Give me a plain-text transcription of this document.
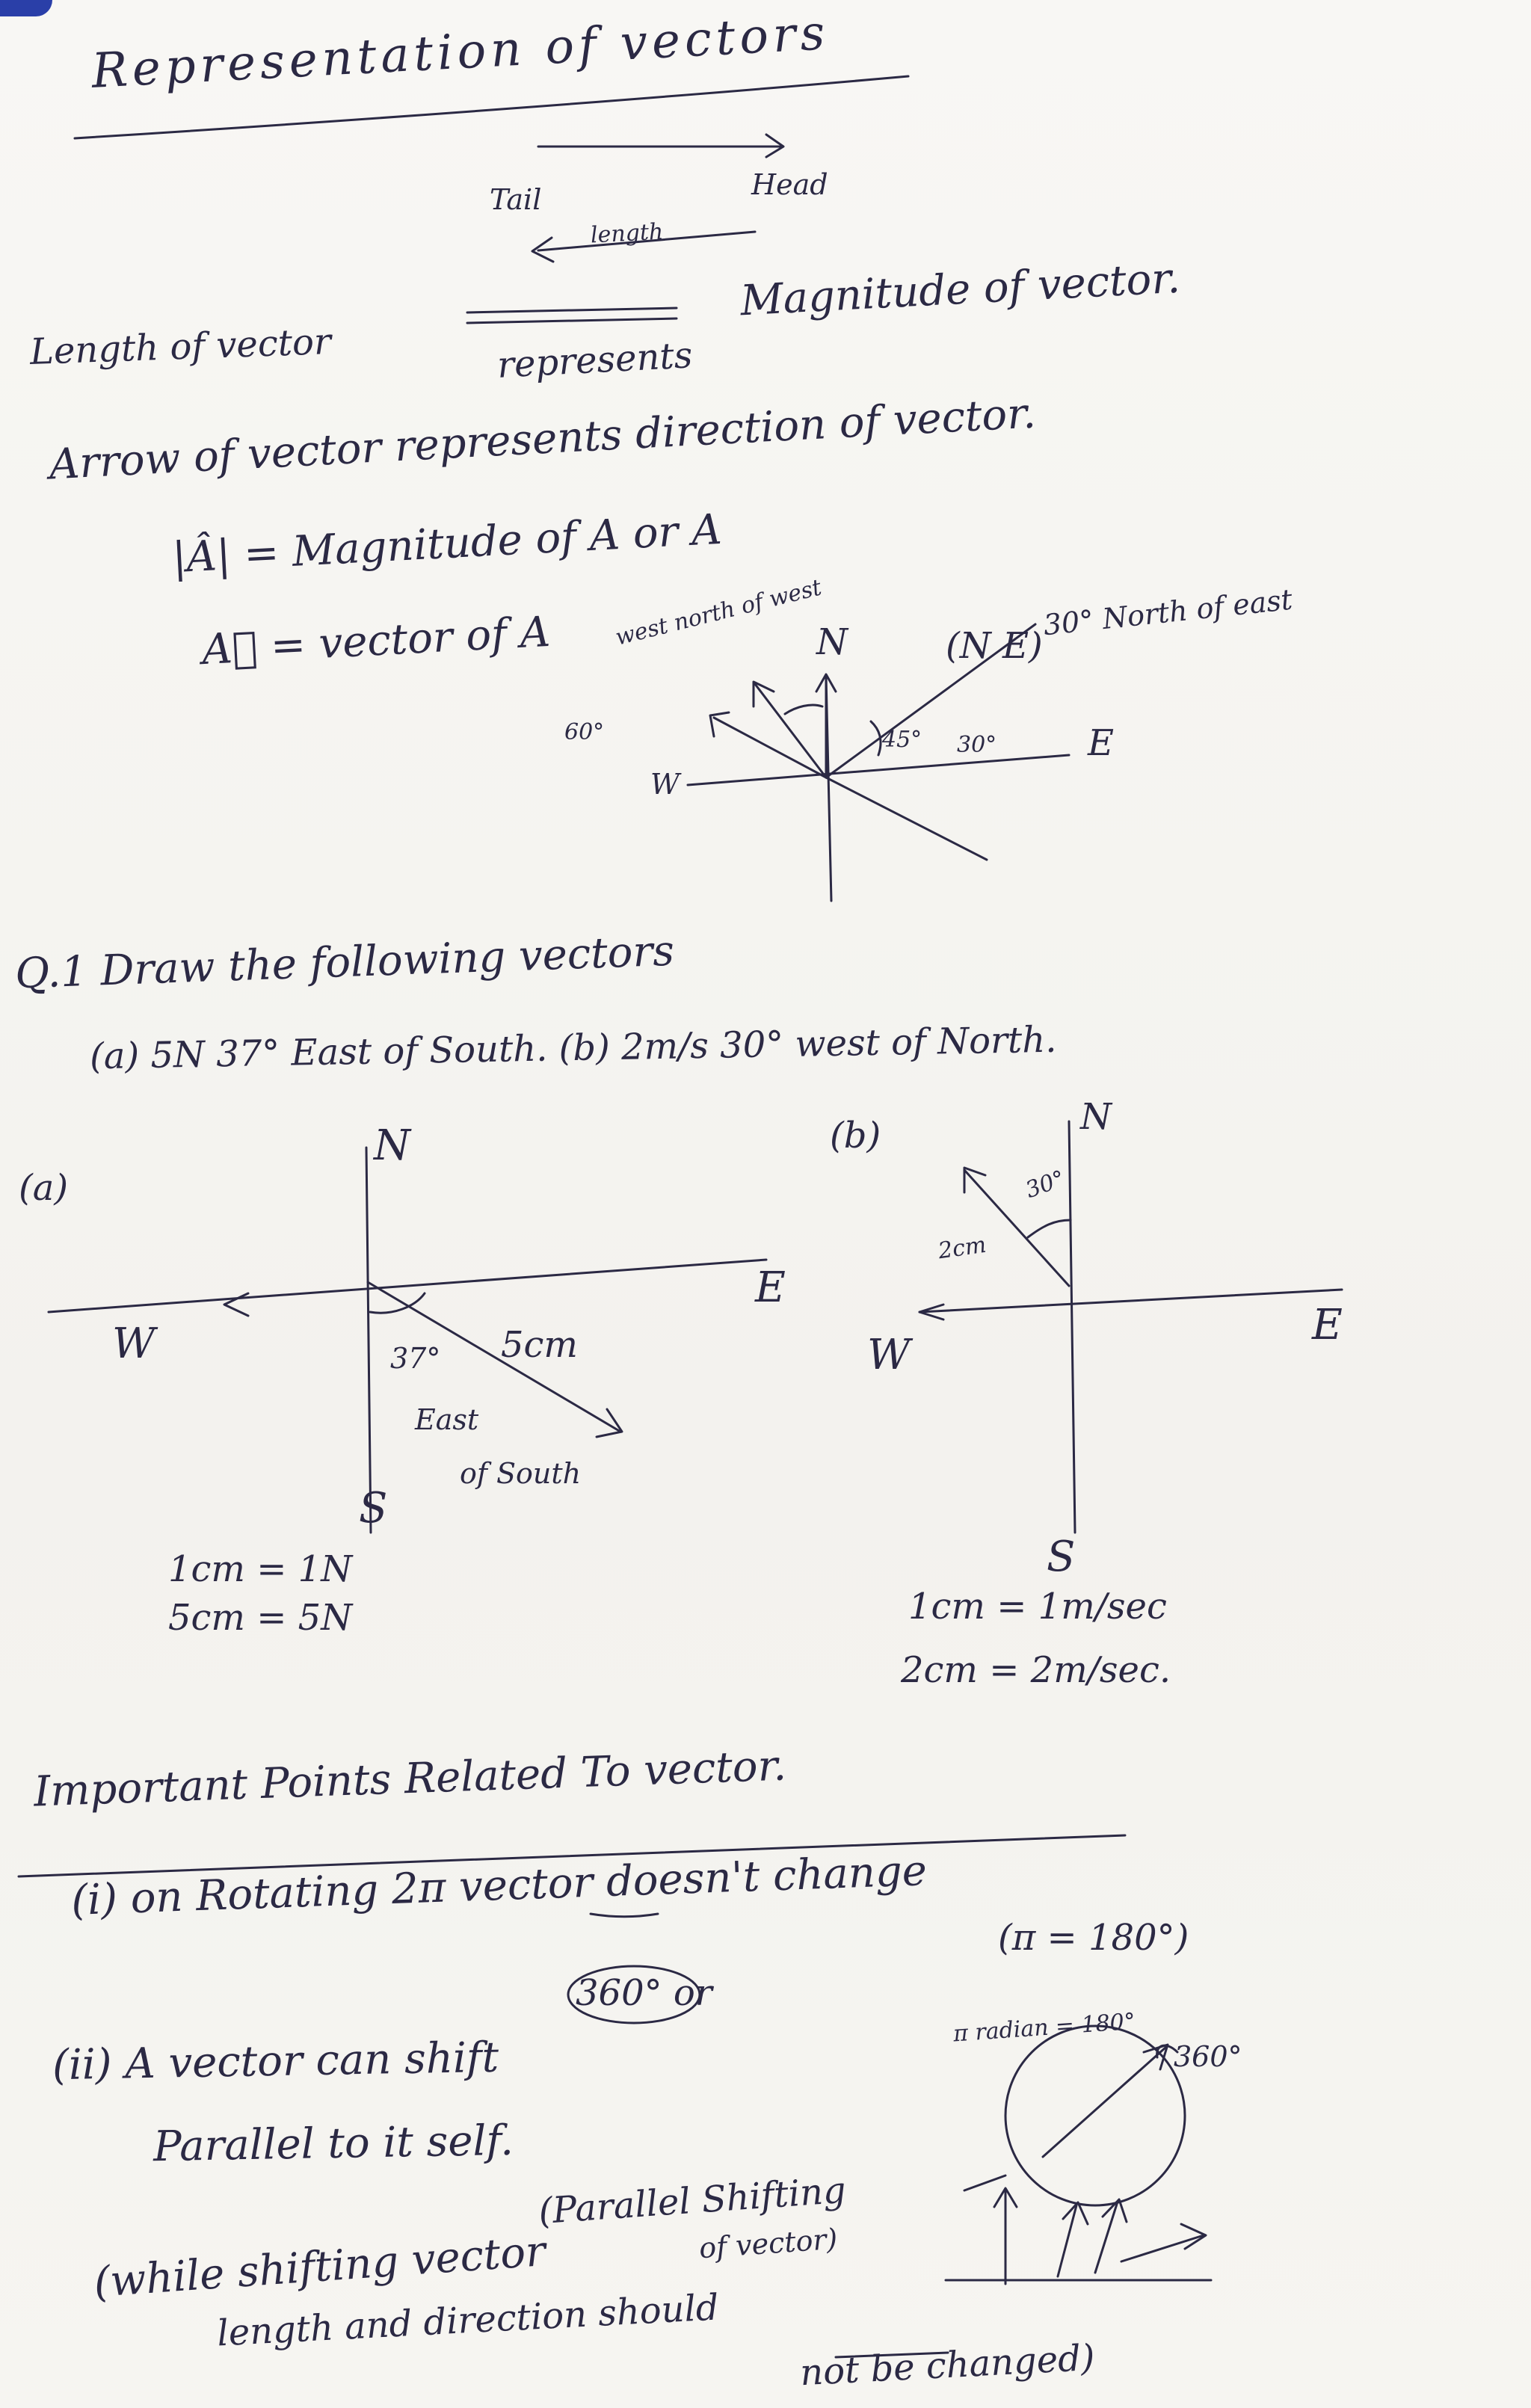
Representation of vectors
Tail	Head
length
Length of vector
Magnitude of vector.
represents
Arrow of vector represents direction of vector.
|Â| = Magnitude of A or A
A⃗ = vector of A
W
N
E
(N E)
30° North of east
60°
west north of west
45° 30°
Q.1 Draw the following vectors
(a) 5N 37° East of South. (b) 2m/s 30° west of North.
(a)
N
E
W
S
5cm
37°
East
of South
1cm = 1N
5cm = 5N
(b)	N
E
W
S
2cm
30°
1cm = 1m/sec
2cm = 2m/sec.
Important Points Related To vector.
(i) on Rotating 2π vector doesn't change
360° or
(π = 180°)
π radian = 180°
360°
(ii) A vector can shift
Parallel to it self.
(Parallel Shifting
of vector)
(while shifting vector
length and direction should
not be changed)
